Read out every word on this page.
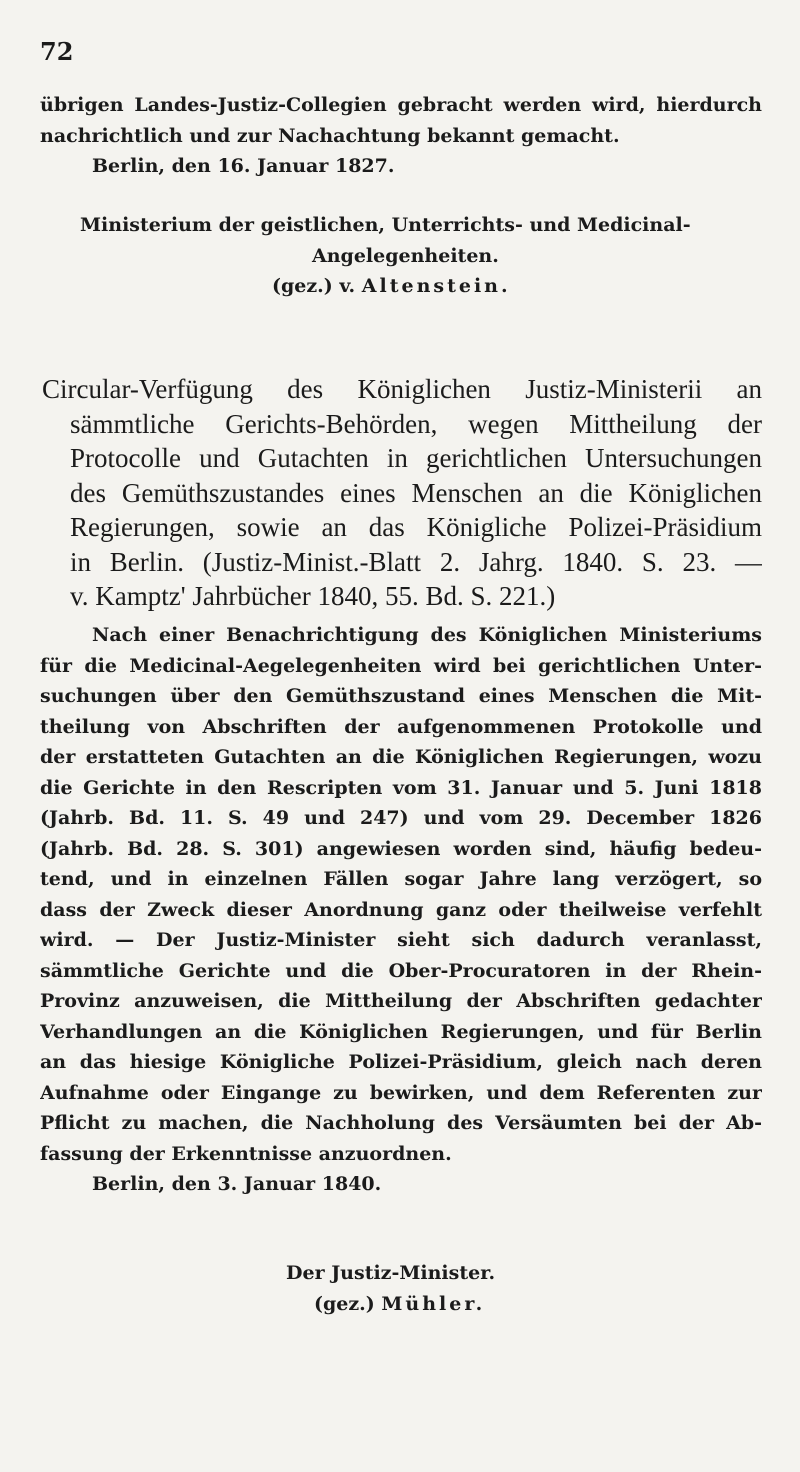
72
übrigen Landes-Justiz-Collegien gebracht werden wird, hierdurch
nachrichtlich und zur Nachachtung bekannt gemacht.
Berlin, den 16. Januar 1827.
Ministerium der geistlichen, Unterrichts- und Medicinal-
Angelegenheiten.
(gez.) v. Altenstein.
Circular-Verfügung des Königlichen Justiz-Ministerii an
sämmtliche Gerichts-Behörden, wegen Mittheilung der
Protocolle und Gutachten in gerichtlichen Untersuchungen
des Gemüthszustandes eines Menschen an die Königlichen
Regierungen, sowie an das Königliche Polizei-Präsidium
in Berlin. (Justiz-Minist.-Blatt 2. Jahrg. 1840. S. 23. —
v. Kamptz' Jahrbücher 1840, 55. Bd. S. 221.)
Nach einer Benachrichtigung des Königlichen Ministeriums
für die Medicinal-Aegelegenheiten wird bei gerichtlichen Unter-
suchungen über den Gemüthszustand eines Menschen die Mit-
theilung von Abschriften der aufgenommenen Protokolle und
der erstatteten Gutachten an die Königlichen Regierungen, wozu
die Gerichte in den Rescripten vom 31. Januar und 5. Juni 1818
(Jahrb. Bd. 11. S. 49 und 247) und vom 29. December 1826
(Jahrb. Bd. 28. S. 301) angewiesen worden sind, häufig bedeu-
tend, und in einzelnen Fällen sogar Jahre lang verzögert, so
dass der Zweck dieser Anordnung ganz oder theilweise verfehlt
wird. — Der Justiz-Minister sieht sich dadurch veranlasst,
sämmtliche Gerichte und die Ober-Procuratoren in der Rhein-
Provinz anzuweisen, die Mittheilung der Abschriften gedachter
Verhandlungen an die Königlichen Regierungen, und für Berlin
an das hiesige Königliche Polizei-Präsidium, gleich nach deren
Aufnahme oder Eingange zu bewirken, und dem Referenten zur
Pflicht zu machen, die Nachholung des Versäumten bei der Ab-
fassung der Erkenntnisse anzuordnen.
Berlin, den 3. Januar 1840.
Der Justiz-Minister.
(gez.) Mühler.
